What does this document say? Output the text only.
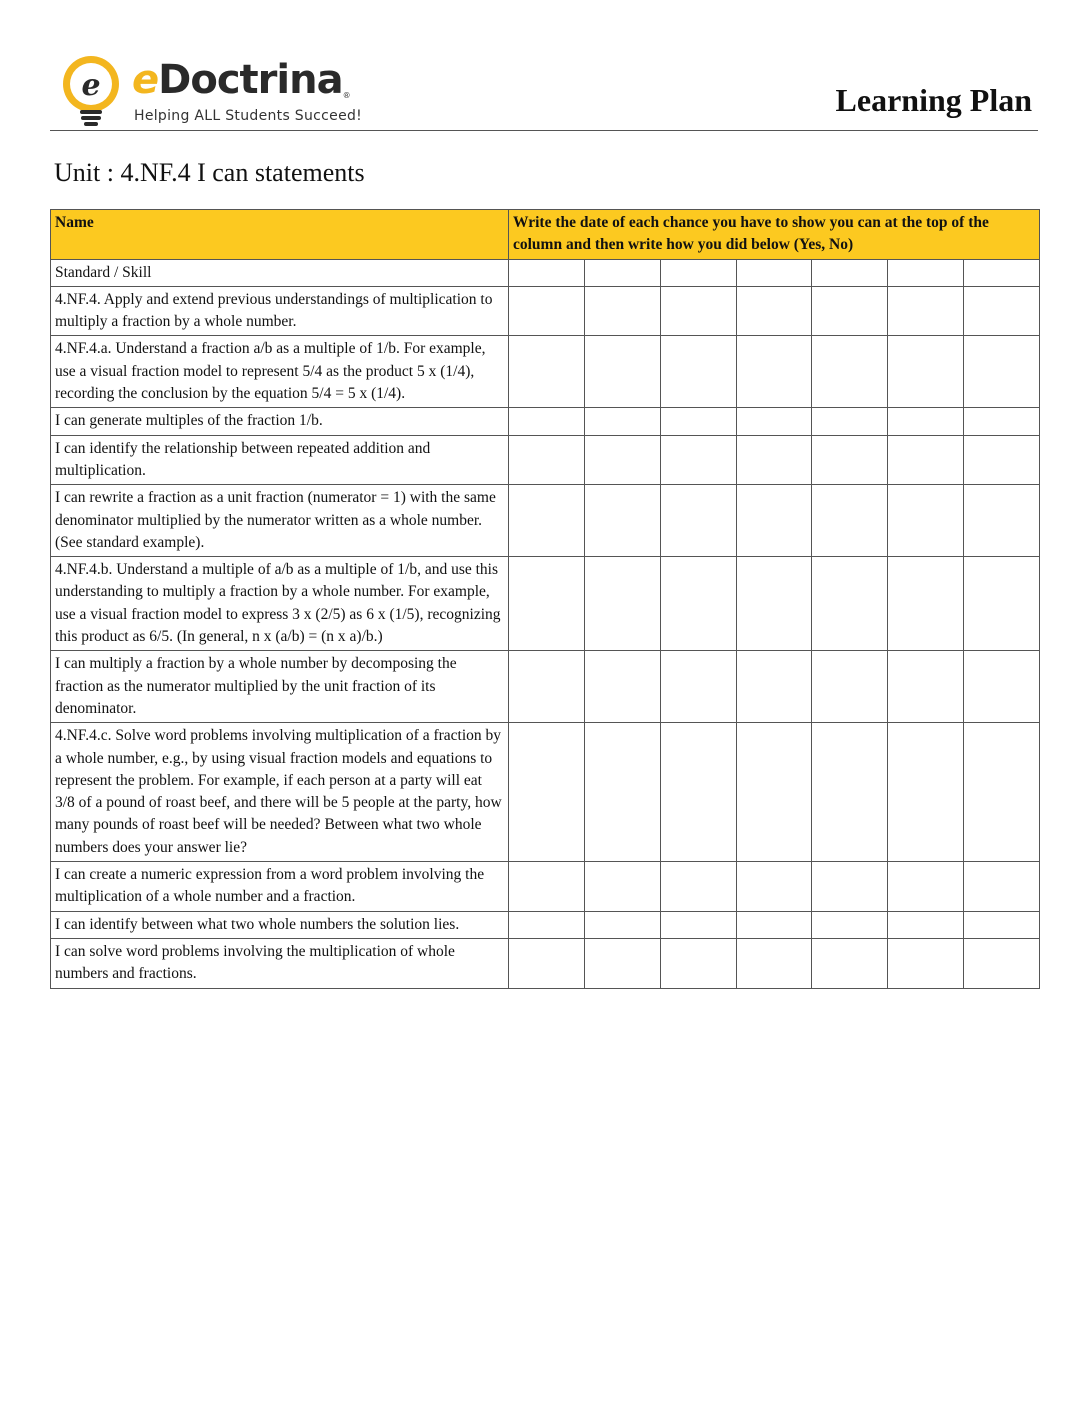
e eDoctrina®
Helping ALL Students Succeed!	Learning Plan
Unit : 4.NF.4 I can statements
Name	Write the date of each chance you have to show you can at the top of the column and then write how you did below (Yes, No)						
Standard / Skill							
4.NF.4. Apply and extend previous understandings of multiplication to multiply a fraction by a whole number.							
4.NF.4.a. Understand a fraction a/b as a multiple of 1/b. For example, use a visual fraction model to represent 5/4 as the product 5 x (1/4), recording the conclusion by the equation 5/4 = 5 x (1/4).							
I can generate multiples of the fraction 1/b.							
I can identify the relationship between repeated addition and multiplication.							
I can rewrite a fraction as a unit fraction (numerator = 1) with the same denominator multiplied by the numerator written as a whole number. (See standard example).							
4.NF.4.b. Understand a multiple of a/b as a multiple of 1/b, and use this understanding to multiply a fraction by a whole number. For example, use a visual fraction model to express 3 x (2/5) as 6 x (1/5), recognizing this product as 6/5. (In general, n x (a/b) = (n x a)/b.)							
I can multiply a fraction by a whole number by decomposing the fraction as the numerator multiplied by the unit fraction of its denominator.							
4.NF.4.c. Solve word problems involving multiplication of a fraction by a whole number, e.g., by using visual fraction models and equations to represent the problem. For example, if each person at a party will eat 3/8 of a pound of roast beef, and there will be 5 people at the party, how many pounds of roast beef will be needed? Between what two whole numbers does your answer lie?							
I can create a numeric expression from a word problem involving the multiplication of a whole number and a fraction.							
I can identify between what two whole numbers the solution lies.							
I can solve word problems involving the multiplication of whole numbers and fractions.							
